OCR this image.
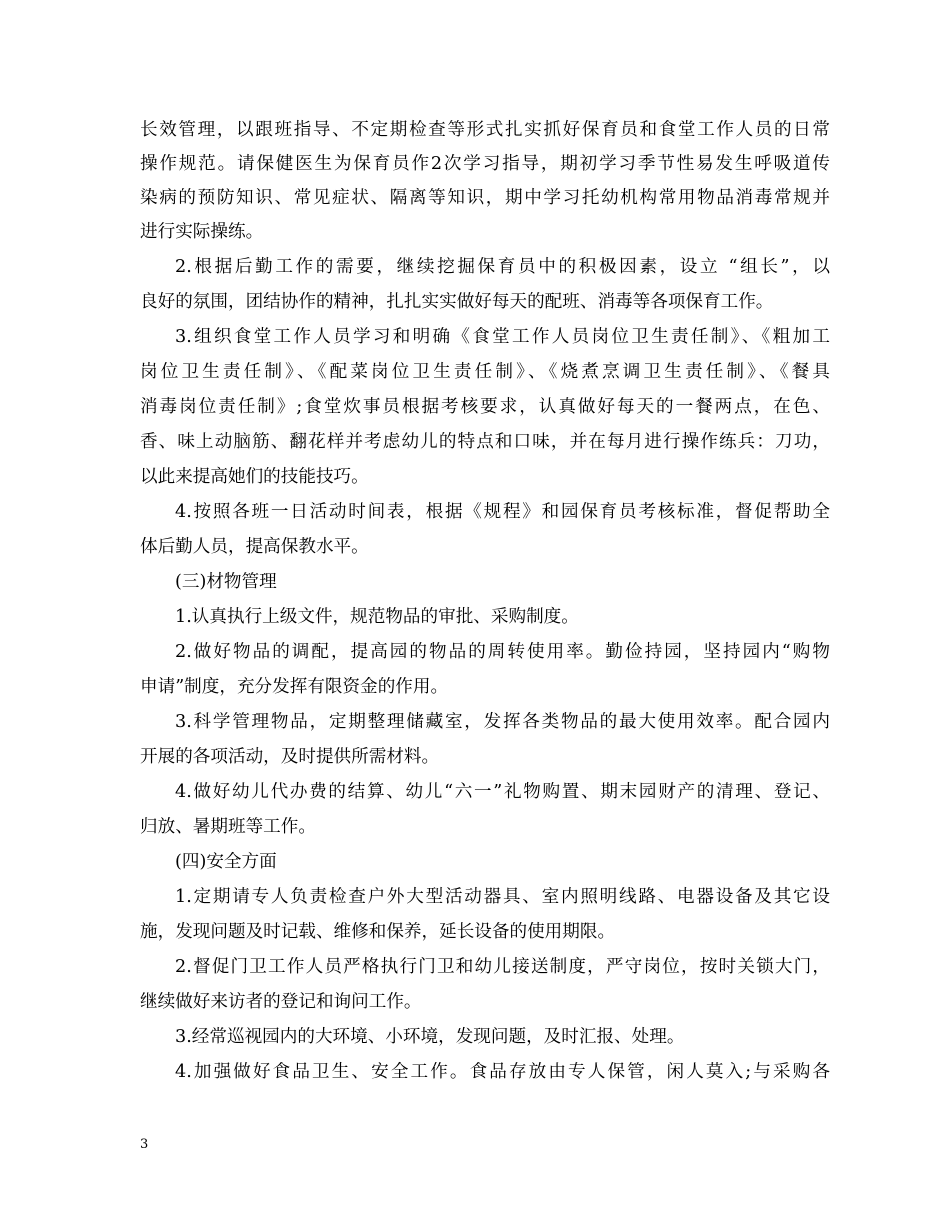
长效管理，以跟班指导、不定期检查等形式扎实抓好保育员和食堂工作人员的日常
操作规范。请保健医生为保育员作2次学习指导，期初学习季节性易发生呼吸道传
染病的预防知识、常见症状、隔离等知识，期中学习托幼机构常用物品消毒常规并
进行实际操练。
2.根据后勤工作的需要，继续挖掘保育员中的积极因素，设立 “组长”，以
良好的氛围，团结协作的精神，扎扎实实做好每天的配班、消毒等各项保育工作。
3.组织食堂工作人员学习和明确《食堂工作人员岗位卫生责任制》、《粗加工
岗位卫生责任制》、《配菜岗位卫生责任制》、《烧煮烹调卫生责任制》、《餐具
消毒岗位责任制》;食堂炊事员根据考核要求，认真做好每天的一餐两点，在色、
香、味上动脑筋、翻花样并考虑幼儿的特点和口味，并在每月进行操作练兵：刀功，
以此来提高她们的技能技巧。
4.按照各班一日活动时间表，根据《规程》和园保育员考核标准，督促帮助全
体后勤人员，提高保教水平。
(三)材物管理
1.认真执行上级文件，规范物品的审批、采购制度。
2.做好物品的调配，提高园的物品的周转使用率。勤俭持园，坚持园内“购物
申请”制度，充分发挥有限资金的作用。
3.科学管理物品，定期整理储藏室，发挥各类物品的最大使用效率。配合园内
开展的各项活动，及时提供所需材料。
4.做好幼儿代办费的结算、幼儿“六一”礼物购置、期末园财产的清理、登记、
归放、暑期班等工作。
(四)安全方面
1.定期请专人负责检查户外大型活动器具、室内照明线路、电器设备及其它设
施，发现问题及时记载、维修和保养，延长设备的使用期限。
2.督促门卫工作人员严格执行门卫和幼儿接送制度，严守岗位，按时关锁大门，
继续做好来访者的登记和询问工作。
3.经常巡视园内的大环境、小环境，发现问题，及时汇报、处理。
4.加强做好食品卫生、安全工作。食品存放由专人保管，闲人莫入;与采购各
3
